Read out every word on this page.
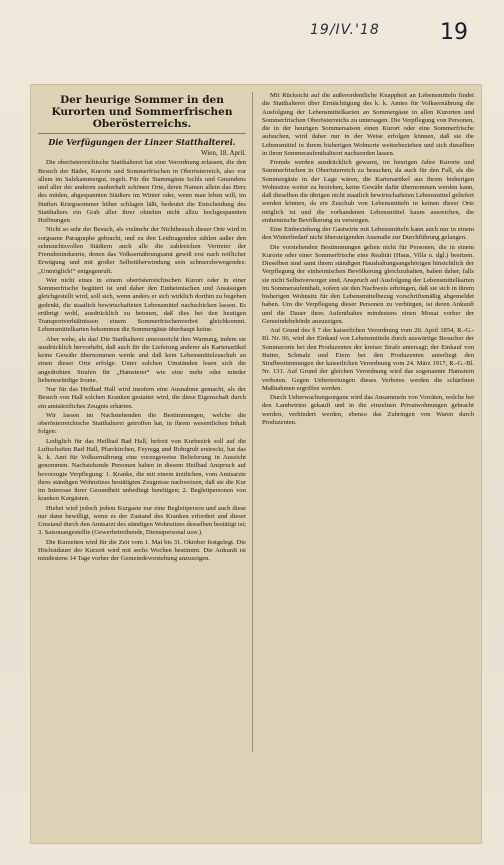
19/IV.'18	19
Der heurige Sommer in den Kurorten und Sommerfrischen Oberösterreichs.
Die Verfügungen der Linzer Statthalterei.
Wien, 18. April.

Die oberösterreichische Statthalterei hat eine Verordnung erlassen, die den Besuch der Bäder, Kurorte und Sommerfrischen in Oberösterreich, also vor allem im Salzkammergut, regelt. Für die Stammgäste Ischls und Gmundens und aller der anderen zauberhaft schönen Orte, deren Namen allein das Herz des müden, abgespannten Städters im Winter oder, wenn man leben will, im fünften Kriegssommer höher schlagen läßt, bedeutet die Entscheidung des Statthalters ein Grab aller ihrer ohnehin nicht allzu hochgespannten Hoffnungen.

Nicht so sehr der Besuch, als vielmehr der Nichtbesuch dieser Orte wird in sorgsame Paragraphe gebracht, und zu den Leidtragenden zählen außer den sehnsuchtsvollen Städtern auch alle die zahlreichen Vertreter der Fremdenindustrie, denen das Volksernährungsamt gewiß erst nach reiflicher Erwägung und mit großer Selbstüberwindung sein schmerzbewegendes: „Unmöglich!“ entgegenruft.

Wer nicht eines in einem oberösterreichischen Kurort oder in einer Sommerfrische begütert ist und daher den Einheimischen und Ansässigen gleichgestellt wird, soll sich, wenn anders er sich wirklich dorthin zu begeben gedenkt, die staatlich bewirtschafteten Lebensmittel nachschicken lassen. Es erübrigt wohl, ausdrücklich zu betonen, daß dies bei den heutigen Transportverhältnissen einem Sommerfrischenverbot gleichkommt. Lebensmittelkarten bekommen die Sommergäste überhaupt keine.

Aber wehe, als das! Die Statthalterei unterstreicht ihre Warnung, indem sie ausdrücklich hervorhebt, daß auch für die Lieferung anderer als Kartenartikel keine Gewähr übernommen werde und daß kein Lebensmittelzuschub an einen dieser Orte erfolge. Unter solchen Umständen lesen sich die angedrohten Strafen für „Hamsterer“ wie eine mehr oder minder liebenswürdige Ironie.

Nur für das Heilbad Hall wird insofern eine Ausnahme gemacht, als der Besuch von Hall solchen Kranken gestattet wird, die diese Eigenschaft durch ein amtsärztliches Zeugnis erhärten.

Wir lassen im Nachstehenden die Bestimmungen, welche die oberösterreichische Statthalterei getroffen hat, in ihrem wesentlichen Inhalt folgen:

Lediglich für das Heilbad Bad Hall, befreit von Kurbezirk soll auf die Luftschaften Bad Hall, Pfarrkirchen, Feyregg und Rohrgrub erstreckt, hat das k. k. Amt für Volksernährung eine vorzugsweise Belieferung in Aussicht genommen. Nachstehende Personen haben in diesem Heilbad Anspruch auf bevorzugte Verpflegung: 1. Kranke, die mit einem ärztlichen, vom Amtsarzte ihres ständigen Wohnsitzes bestätigten Zeugnisse nachweisen, daß sie die Kur im Interesse ihrer Gesundheit unbedingt benötigen; 2. Begleitpersonen von kranken Kurgästen.

Hiebei wird jedoch jedem Kurgaste nur eine Begleitperson und auch diese nur dann bewilligt, wenn es der Zustand des Kranken erfordert und dieser Umstand durch den Amtsarzt des ständigen Wohnsitzes desselben bestätigt ist; 3. Saisonangestellte (Gewerbetreibende, Dienstpersonal usw.).

Die Kurzeiten wird für die Zeit vom 1. Mai bis 31. Oktober festgelegt. Die Höchstdauer der Kurzeit wird mit sechs Wochen bestimmt. Die Ankunft ist mindestens 14 Tage vorher der Gemeindevorstehung anzuzeigen.

Mit Rücksicht auf die außerordentliche Knappheit an Lebensmitteln findet die Statthalterei über Ermächtigung des k. k. Amtes für Volksernährung die Ausfolgung der Lebensmittelkarten an Sommergäste in allen Kurorten und Sommerfrischen Oberösterreichs zu untersagen. Die Verpflegung von Personen, die in der heurigen Sommersaison einen Kurort oder eine Sommerfrische aufsuchen, wird daher nur in der Weise erfolgen können, daß sie die Lebensmittel in ihrem bisherigen Wohnorte weiterbeziehen und sich dieselben in ihren Sommeraufenthaltsort nachsenden lassen.

Fremde werden ausdrücklich gewarnt, im heurigen Jahre Kurorte und Sommerfrischen in Oberösterreich zu besuchen, da auch für den Fall, als die Sommergäste in der Lage wären, die Kartenartikel aus ihrem bisherigen Wohnsitze weiter zu beziehen, keine Gewähr dafür übernommen werden kann, daß dieselben die übrigen nicht staatlich bewirtschafteten Lebensmittel geliefert werden können, da ein Zuschub von Lebensmitteln in keinen dieser Orte möglich ist und die vorhandenen Lebensmittel kaum ausreichen, die einheimische Bevölkerung zu versorgen.

Eine Einbeziehung der Gastwirte mit Lebensmitteln kann auch nur in einem den Winterbedarf nicht übersteigenden Ausmaße zur Durchführung gelangen.

Die vorstehenden Bestimmungen gelten nicht für Personen, die in einem Kurorte oder einer Sommerfrische eine Realität (Haus, Villa u. dgl.) besitzen. Dieselben sind samt ihrem ständigen Haushaltungsangehörigen hinsichtlich der Verpflegung der einheimischen Bevölkerung gleichzuhalten, haben daher, falls sie nicht Selbstversorger sind, Anspruch auf Ausfolgung der Lebensmittelkarten im Sommeraufenthalt, sofern sie den Nachweis erbringen, daß sie sich in ihrem bisherigen Wohnsitz für den Lebensmittelbezug vorschriftsmäßig abgemeldet haben. Um die Verpflegung dieser Personen zu verbürgen, ist deren Ankunft und die Dauer ihres Aufenthaltes mindestens einen Monat vorher der Gemeindebehörde anzuzeigen.

Auf Grund des § 7 der kaiserlichen Verordnung vom 20. April 1854, R.-G.-Bl. Nr. 96, wird der Einkauf von Lebensmitteln durch auswärtige Besucher der Sommerorte bei den Produzenten der kreiser Strafe untersagt; der Einkauf von Butter, Schmalz und Eiern bei den Produzenten unterliegt den Strafbestimmungen der kaiserlichen Verordnung vom 24. März 1917, R.-G.-Bl. Nr. 131. Auf Grund der gleichen Verordnung wird das sogenannte Hamstern verboten. Gegen Uebertretungen dieses Verbotes werden die schärfsten Maßnahmen ergriffen werden.

Durch Ueberwachungsorgane wird das Ansammeln von Vorräten, welche bei den Landwirten gekauft und in die einzelnen Privatwohnungen gebracht werden, verhindert werden, ebenso das Zubringen von Waren durch Produzenten.
